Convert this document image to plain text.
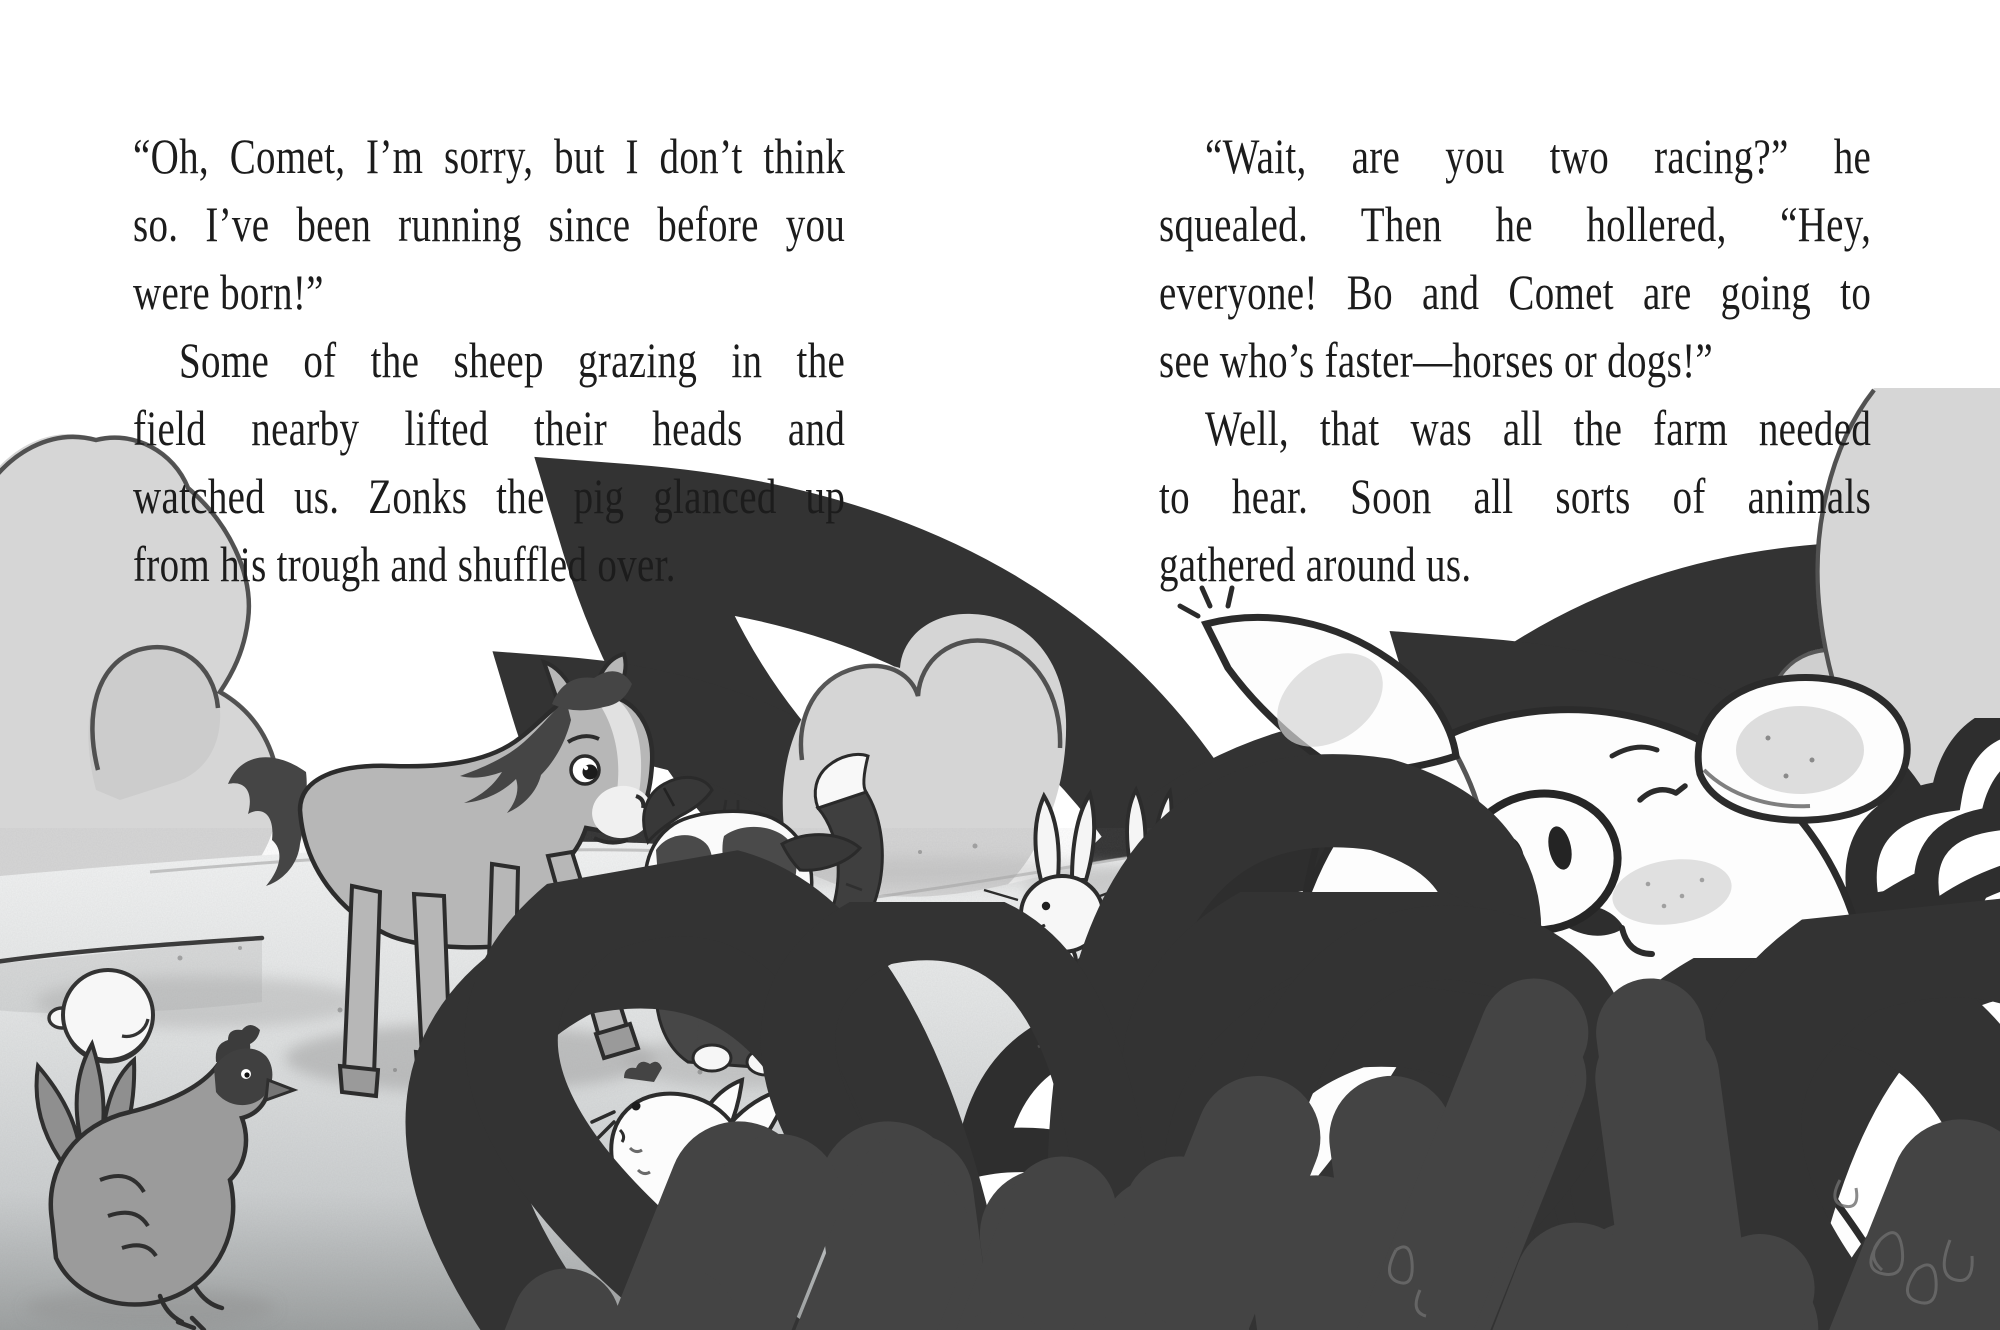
“Oh, Comet, I’m sorry, but I don’t think
so. I’ve been running since before you
were born!”
Some of the sheep grazing in the
field nearby lifted their heads and
watched us. Zonks the pig glanced up
from his trough and shuffled over.
“Wait, are you two racing?” he
squealed. Then he hollered, “Hey,
everyone! Bo and Comet are going to
see who’s faster—horses or dogs!”
Well, that was all the farm needed
to hear. Soon all sorts of animals
gathered around us.
